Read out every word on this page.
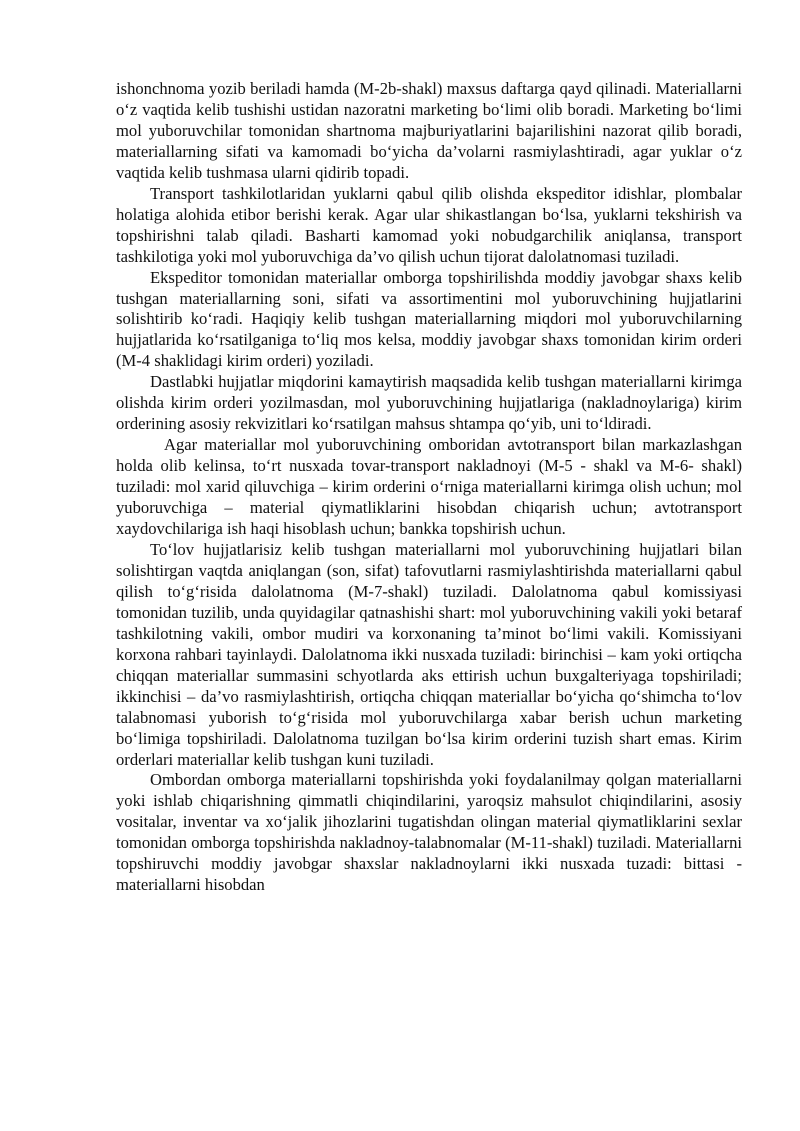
ishonchnoma yozib beriladi hamda (M-2b-shakl) maxsus daftarga qayd qilinadi. Materiallarni o‘z vaqtida kelib tushishi ustidan nazoratni marketing bo‘limi olib boradi. Marketing bo‘limi mol yuboruvchilar tomonidan shartnoma majburiyatlarini bajarilishini nazorat qilib boradi, materiallarning sifati va kamomadi bo‘yicha da’volarni rasmiylashtiradi, agar yuklar o‘z vaqtida kelib tushmasa ularni qidirib topadi.

Transport tashkilotlaridan yuklarni qabul qilib olishda ekspeditor idishlar, plombalar holatiga alohida etibor berishi kerak. Agar ular shikastlangan bo‘lsa, yuklarni tekshirish va topshirishni talab qiladi. Basharti kamomad yoki nobudgarchilik aniqlansa, transport tashkilotiga yoki mol yuboruvchiga da’vo qilish uchun tijorat dalolatnomasi tuziladi.

Ekspeditor tomonidan materiallar omborga topshirilishda moddiy javobgar shaxs kelib tushgan materiallarning soni, sifati va assortimentini mol yuboruvchining hujjatlarini solishtirib ko‘radi. Haqiqiy kelib tushgan materiallarning miqdori mol yuboruvchilarning hujjatlarida ko‘rsatilganiga to‘liq mos kelsa, moddiy javobgar shaxs tomonidan kirim orderi (M-4 shaklidagi kirim orderi) yoziladi.

Dastlabki hujjatlar miqdorini kamaytirish maqsadida kelib tushgan materiallarni kirimga olishda kirim orderi yozilmasdan, mol yuboruvchining hujjatlariga (nakladnoylariga) kirim orderining asosiy rekvizitlari ko‘rsatilgan mahsus shtampa qo‘yib, uni to‘ldiradi.

Agar materiallar mol yuboruvchining omboridan avtotransport bilan markazlashgan holda olib kelinsa, to‘rt nusxada tovar-transport nakladnoyi (M-5 - shakl va M-6- shakl) tuziladi: mol xarid qiluvchiga – kirim orderini o‘rniga materiallarni kirimga olish uchun; mol yuboruvchiga – material qiymatliklarini hisobdan chiqarish uchun; avtotransport xaydovchilariga ish haqi hisoblash uchun; bankka topshirish uchun.

To‘lov hujjatlarisiz kelib tushgan materiallarni mol yuboruvchining hujjatlari bilan solishtirgan vaqtda aniqlangan (son, sifat) tafovutlarni rasmiylashtirishda materiallarni qabul qilish to‘g‘risida dalolatnoma (M-7-shakl) tuziladi. Dalolatnoma qabul komissiyasi tomonidan tuzilib, unda quyidagilar qatnashishi shart: mol yuboruvchining vakili yoki betaraf tashkilotning vakili, ombor mudiri va korxonaning ta’minot bo‘limi vakili. Komissiyani korxona rahbari tayinlaydi. Dalolatnoma ikki nusxada tuziladi: birinchisi – kam yoki ortiqcha chiqqan materiallar summasini schyotlarda aks ettirish uchun buxgalteriyaga topshiriladi; ikkinchisi – da’vo rasmiylashtirish, ortiqcha chiqqan materiallar bo‘yicha qo‘shimcha to‘lov talabnomasi yuborish to‘g‘risida mol yuboruvchilarga xabar berish uchun marketing bo‘limiga topshiriladi. Dalolatnoma tuzilgan bo‘lsa kirim orderini tuzish shart emas. Kirim orderlari materiallar kelib tushgan kuni tuziladi.

Ombordan omborga materiallarni topshirishda yoki foydalanilmay qolgan materiallarni yoki ishlab chiqarishning qimmatli chiqindilarini, yaroqsiz mahsulot chiqindilarini, asosiy vositalar, inventar va xo‘jalik jihozlarini tugatishdan olingan material qiymatliklarini sexlar tomonidan omborga topshirishda nakladnoy-talabnomalar (M-11-shakl) tuziladi. Materiallarni topshiruvchi moddiy javobgar shaxslar nakladnoylarni ikki nusxada tuzadi: bittasi - materiallarni hisobdan
